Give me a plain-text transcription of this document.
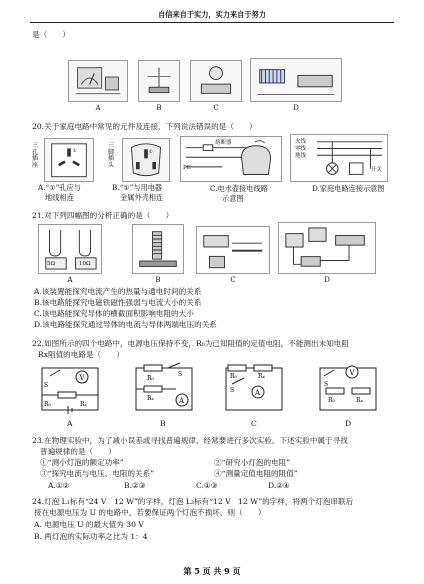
自信来自于实力，实力来自于努力
是（　　）
A	B	C	D
20.关于家庭电路中常见的元件及连接，下列说法错误的是（　　）
①
三孔插座
A.“①”孔应与
地线相连
①
三脚插头
B.“①”与用电器
金属外壳相连
熔断器
PE
C.电水壶接电线路
示意图
火线
零线
地线
开关
D.家庭电路连接示意图
21.对下列四幅图的分析正确的是（　　）
5Ω	10Ω
A	B	C	D
A.该装置能探究电流产生的热量与通电时间的关系
B.该电路能探究电磁铁磁性强弱与电流大小的关系
C.该电路能探究导体的横截面积影响电阻的大小
D.该电路能探究通过导体的电流与导体两端电压的关系
22.如图所示的四个电路中，电源电压保持不变，R₀为已知阻值的定值电阻，不能测出未知电阻
Rx阻值的电路是（　　）
V
S
R₀	Rₓ
A
A
R₀
Rₓ
S
B
A
R₀	Rₓ
S
C
V
R₀	Rₓ
S
D
23.在物理实验中，为了减小误差或寻找普遍规律，经常要进行多次实验。下述实验中属于寻找
普遍规律的是（　　）
①“测小灯泡的额定功率”	②“研究小灯泡的电阻”
③“探究电流与电压、电阻的关系”	④“测量定值电阻的阻值”
A.①②	B.②③	C.①③	D.②④
24.灯泡 L₁标有“24 V　12 W”的字样，灯泡 L₂标有“12 V　12 W”的字样，将两个灯泡串联后
接在电源电压为 U 的电路中，若要保证两个灯泡不损坏，则（　　）
A. 电源电压 U 的最大值为 30 V
B. 两灯泡的实际功率之比为 1：4
第 5 页 共 9 页
